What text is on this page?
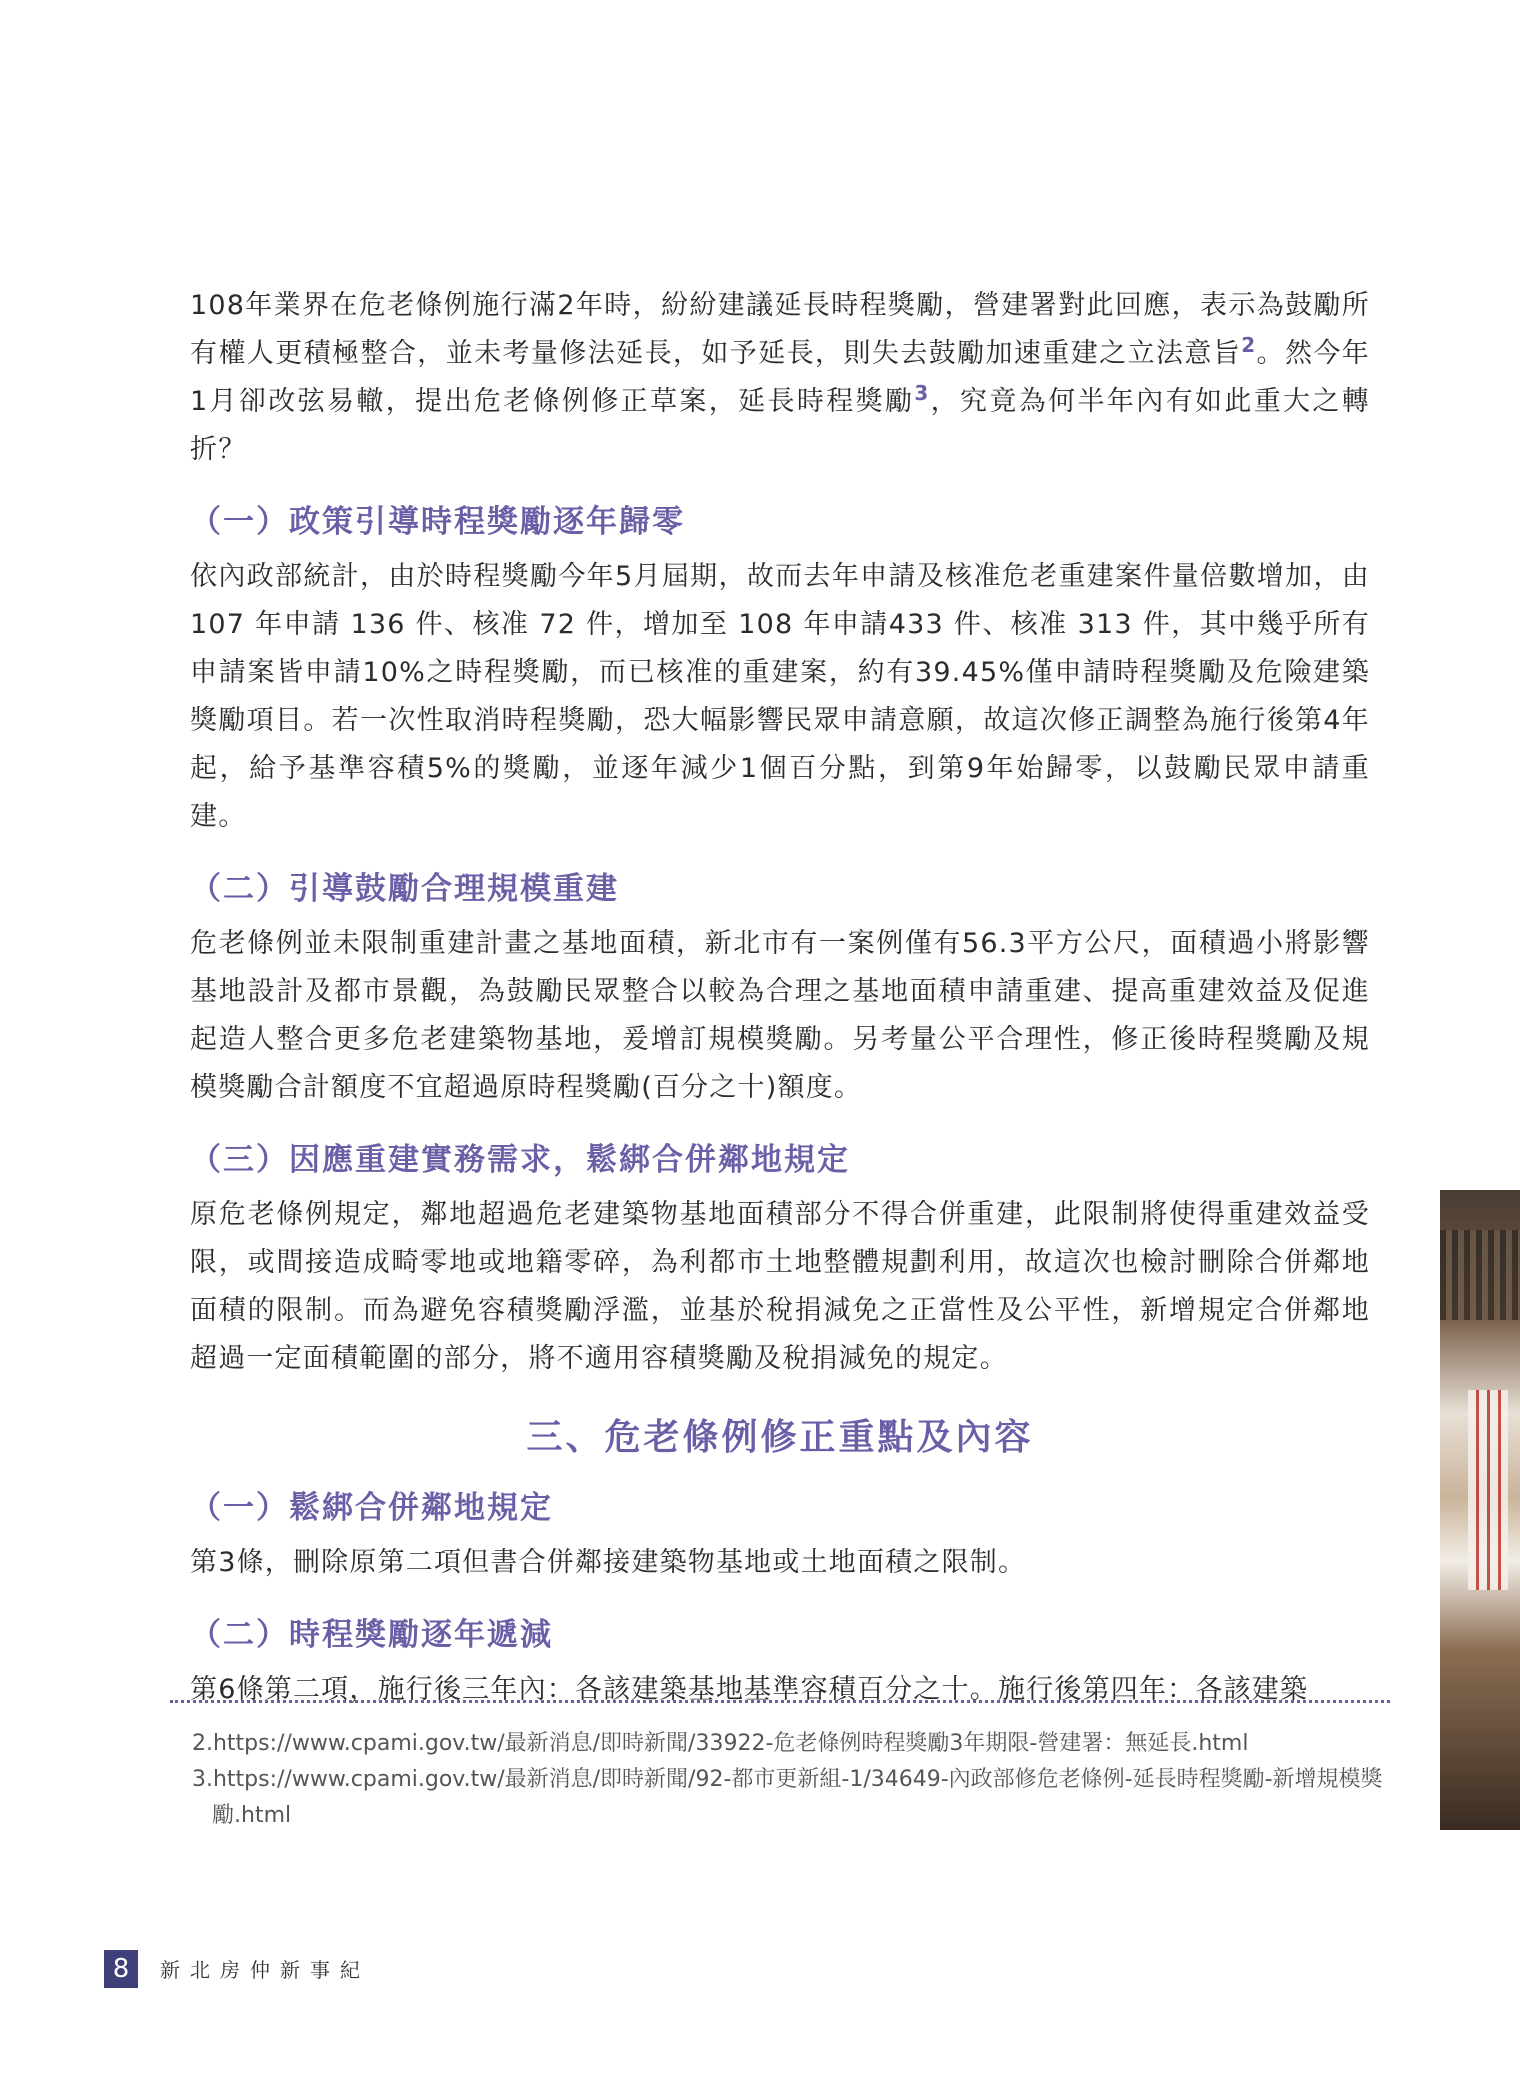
108年業界在危老條例施行滿2年時，紛紛建議延長時程獎勵，營建署對此回應，表示為鼓勵所有權人更積極整合，並未考量修法延長，如予延長，則失去鼓勵加速重建之立法意旨$^2$。然今年1月卻改弦易轍，提出危老條例修正草案，延長時程獎勵$^3$，究竟為何半年內有如此重大之轉折？

（一）政策引導時程獎勵逐年歸零

依內政部統計，由於時程獎勵今年5月屆期，故而去年申請及核准危老重建案件量倍數增加，由 107 年申請 136 件、核准 72 件，增加至 108 年申請433 件、核准 313 件，其中幾乎所有申請案皆申請10%之時程獎勵，而已核准的重建案，約有39.45%僅申請時程獎勵及危險建築獎勵項目。若一次性取消時程獎勵，恐大幅影響民眾申請意願，故這次修正調整為施行後第4年起，給予基準容積5%的獎勵，並逐年減少1個百分點，到第9年始歸零，以鼓勵民眾申請重建。

（二）引導鼓勵合理規模重建

危老條例並未限制重建計畫之基地面積，新北市有一案例僅有56.3平方公尺，面積過小將影響基地設計及都市景觀，為鼓勵民眾整合以較為合理之基地面積申請重建、提高重建效益及促進起造人整合更多危老建築物基地，爰增訂規模獎勵。另考量公平合理性，修正後時程獎勵及規模獎勵合計額度不宜超過原時程獎勵(百分之十)額度。

（三）因應重建實務需求，鬆綁合併鄰地規定

原危老條例規定，鄰地超過危老建築物基地面積部分不得合併重建，此限制將使得重建效益受限，或間接造成畸零地或地籍零碎，為利都市土地整體規劃利用，故這次也檢討刪除合併鄰地面積的限制。而為避免容積獎勵浮濫，並基於稅捐減免之正當性及公平性，新增規定合併鄰地超過一定面積範圍的部分，將不適用容積獎勵及稅捐減免的規定。

三、危老條例修正重點及內容
（一）鬆綁合併鄰地規定

第3條，刪除原第二項但書合併鄰接建築物基地或土地面積之限制。

（二）時程獎勵逐年遞減

第6條第二項，施行後三年內：各該建築基地基準容積百分之十。施行後第四年：各該建築

2.https://www.cpami.gov.tw/最新消息/即時新聞/33922-危老條例時程獎勵3年期限-營建署：無延長.html

3.https://www.cpami.gov.tw/最新消息/即時新聞/92-都市更新組-1/34649-內政部修危老條例-延長時程獎勵-新增規模獎勵.html

8	新北房仲新事紀
